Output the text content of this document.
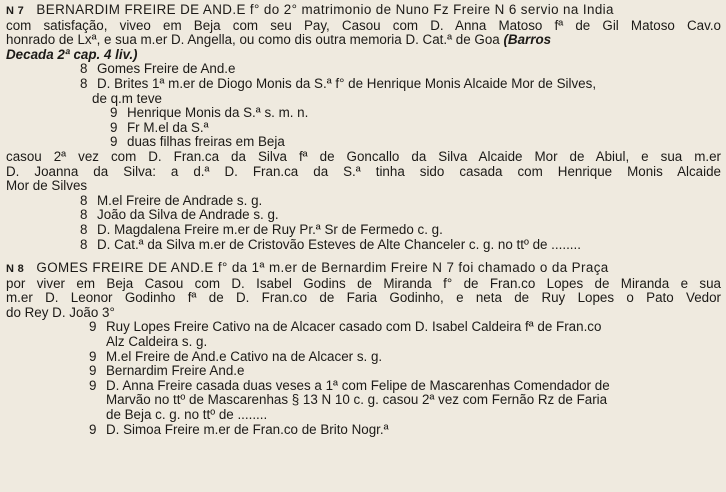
N 7 BERNARDIM FREIRE DE AND.E f° do 2° matrimonio de Nuno Fz Freire N 6 servio na India
com satisfação, viveo em Beja com seu Pay, Casou com D. Anna Matoso fª de Gil Matoso Cav.o
honrado de Lxª, e sua m.er D. Angella, ou como dis outra memoria D. Cat.ª de Goa (Barros
Decada 2ª cap. 4 liv.)
8 Gomes Freire de And.e
8 D. Brites 1ª m.er de Diogo Monis da S.ª f° de Henrique Monis Alcaide Mor de Silves,
de q.m teve
9 Henrique Monis da S.ª s. m. n.
9 Fr M.el da S.ª
9 duas filhas freiras em Beja
casou 2ª vez com D. Fran.ca da Silva fª de Goncallo da Silva Alcaide Mor de Abiul, e sua m.er
D. Joanna da Silva: a d.ª D. Fran.ca da S.ª tinha sido casada com Henrique Monis Alcaide
Mor de Silves
8 M.el Freire de Andrade s. g.
8 João da Silva de Andrade s. g.
8 D. Magdalena Freire m.er de Ruy Pr.ª Sr de Fermedo c. g.
8 D. Cat.ª da Silva m.er de Cristovão Esteves de Alte Chanceler c. g. no ttº de ........
N 8 GOMES FREIRE DE AND.E f° da 1ª m.er de Bernardim Freire N 7 foi chamado o da Praça
por viver em Beja Casou com D. Isabel Godins de Miranda f° de Fran.co Lopes de Miranda e sua
m.er D. Leonor Godinho fª de D. Fran.co de Faria Godinho, e neta de Ruy Lopes o Pato Vedor
do Rey D. João 3°
9 Ruy Lopes Freire Cativo na de Alcacer casado com D. Isabel Caldeira fª de Fran.co
Alz Caldeira s. g.
9 M.el Freire de And.e Cativo na de Alcacer s. g.
9 Bernardim Freire And.e
9 D. Anna Freire casada duas veses a 1ª com Felipe de Mascarenhas Comendador de
Marvão no ttº de Mascarenhas § 13 N 10 c. g. casou 2ª vez com Fernão Rz de Faria
de Beja c. g. no ttº de ........
9 D. Simoa Freire m.er de Fran.co de Brito Nogr.ª
